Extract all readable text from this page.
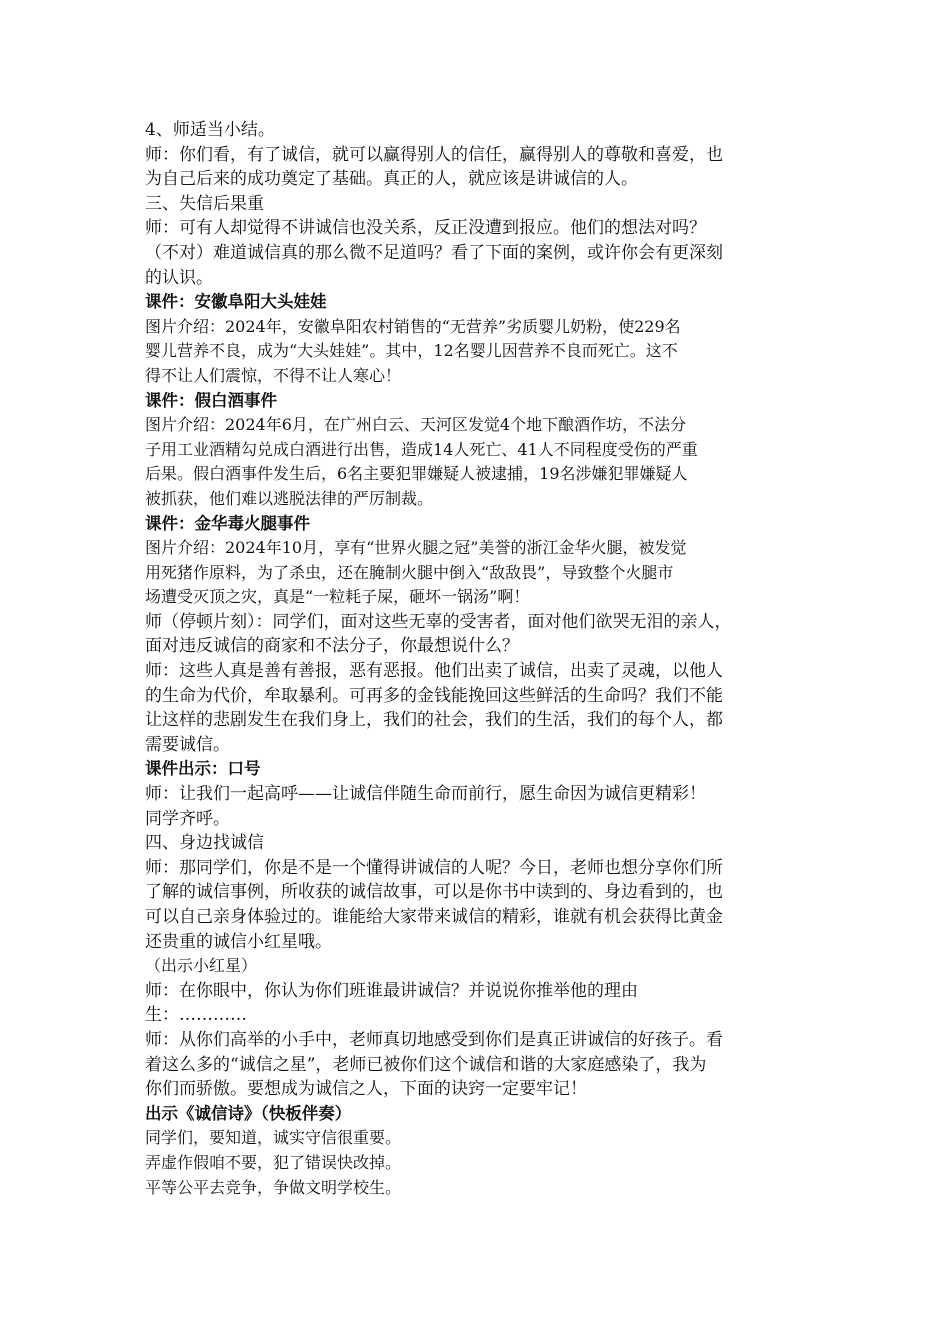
4、师适当小结。
师：你们看，有了诚信，就可以赢得别人的信任，赢得别人的尊敬和喜爱，也
为自己后来的成功奠定了基础。真正的人，就应该是讲诚信的人。
三、失信后果重
师：可有人却觉得不讲诚信也没关系，反正没遭到报应。他们的想法对吗？
（不对）难道诚信真的那么微不足道吗？看了下面的案例，或许你会有更深刻
的认识。
课件：安徽阜阳大头娃娃
图片介绍：2024年，安徽阜阳农村销售的“无营养”劣质婴儿奶粉，使229名
婴儿营养不良，成为“大头娃娃”。其中，12名婴儿因营养不良而死亡。这不
得不让人们震惊，不得不让人寒心！
课件：假白酒事件
图片介绍：2024年6月，在广州白云、天河区发觉4个地下酿酒作坊，不法分
子用工业酒精勾兑成白酒进行出售，造成14人死亡、41人不同程度受伤的严重
后果。假白酒事件发生后，6名主要犯罪嫌疑人被逮捕，19名涉嫌犯罪嫌疑人
被抓获，他们难以逃脱法律的严厉制裁。
课件：金华毒火腿事件
图片介绍：2024年10月，享有“世界火腿之冠”美誉的浙江金华火腿，被发觉
用死猪作原料，为了杀虫，还在腌制火腿中倒入“敌敌畏”，导致整个火腿市
场遭受灭顶之灾，真是“一粒耗子屎，砸坏一锅汤”啊！
师（停顿片刻）：同学们，面对这些无辜的受害者，面对他们欲哭无泪的亲人，
面对违反诚信的商家和不法分子，你最想说什么？
师：这些人真是善有善报，恶有恶报。他们出卖了诚信，出卖了灵魂，以他人
的生命为代价，牟取暴利。可再多的金钱能挽回这些鲜活的生命吗？我们不能
让这样的悲剧发生在我们身上，我们的社会，我们的生活，我们的每个人，都
需要诚信。
课件出示：口号
师：让我们一起高呼——让诚信伴随生命而前行，愿生命因为诚信更精彩！
同学齐呼。
四、身边找诚信
师：那同学们，你是不是一个懂得讲诚信的人呢？今日，老师也想分享你们所
了解的诚信事例，所收获的诚信故事，可以是你书中读到的、身边看到的，也
可以自己亲身体验过的。谁能给大家带来诚信的精彩，谁就有机会获得比黄金
还贵重的诚信小红星哦。
（出示小红星）
师：在你眼中，你认为你们班谁最讲诚信？并说说你推举他的理由
生：…………
师：从你们高举的小手中，老师真切地感受到你们是真正讲诚信的好孩子。看
着这么多的“诚信之星”，老师已被你们这个诚信和谐的大家庭感染了，我为
你们而骄傲。要想成为诚信之人，下面的诀窍一定要牢记！
出示《诚信诗》（快板伴奏）
同学们，要知道，诚实守信很重要。
弄虚作假咱不要，犯了错误快改掉。
平等公平去竞争，争做文明学校生。
